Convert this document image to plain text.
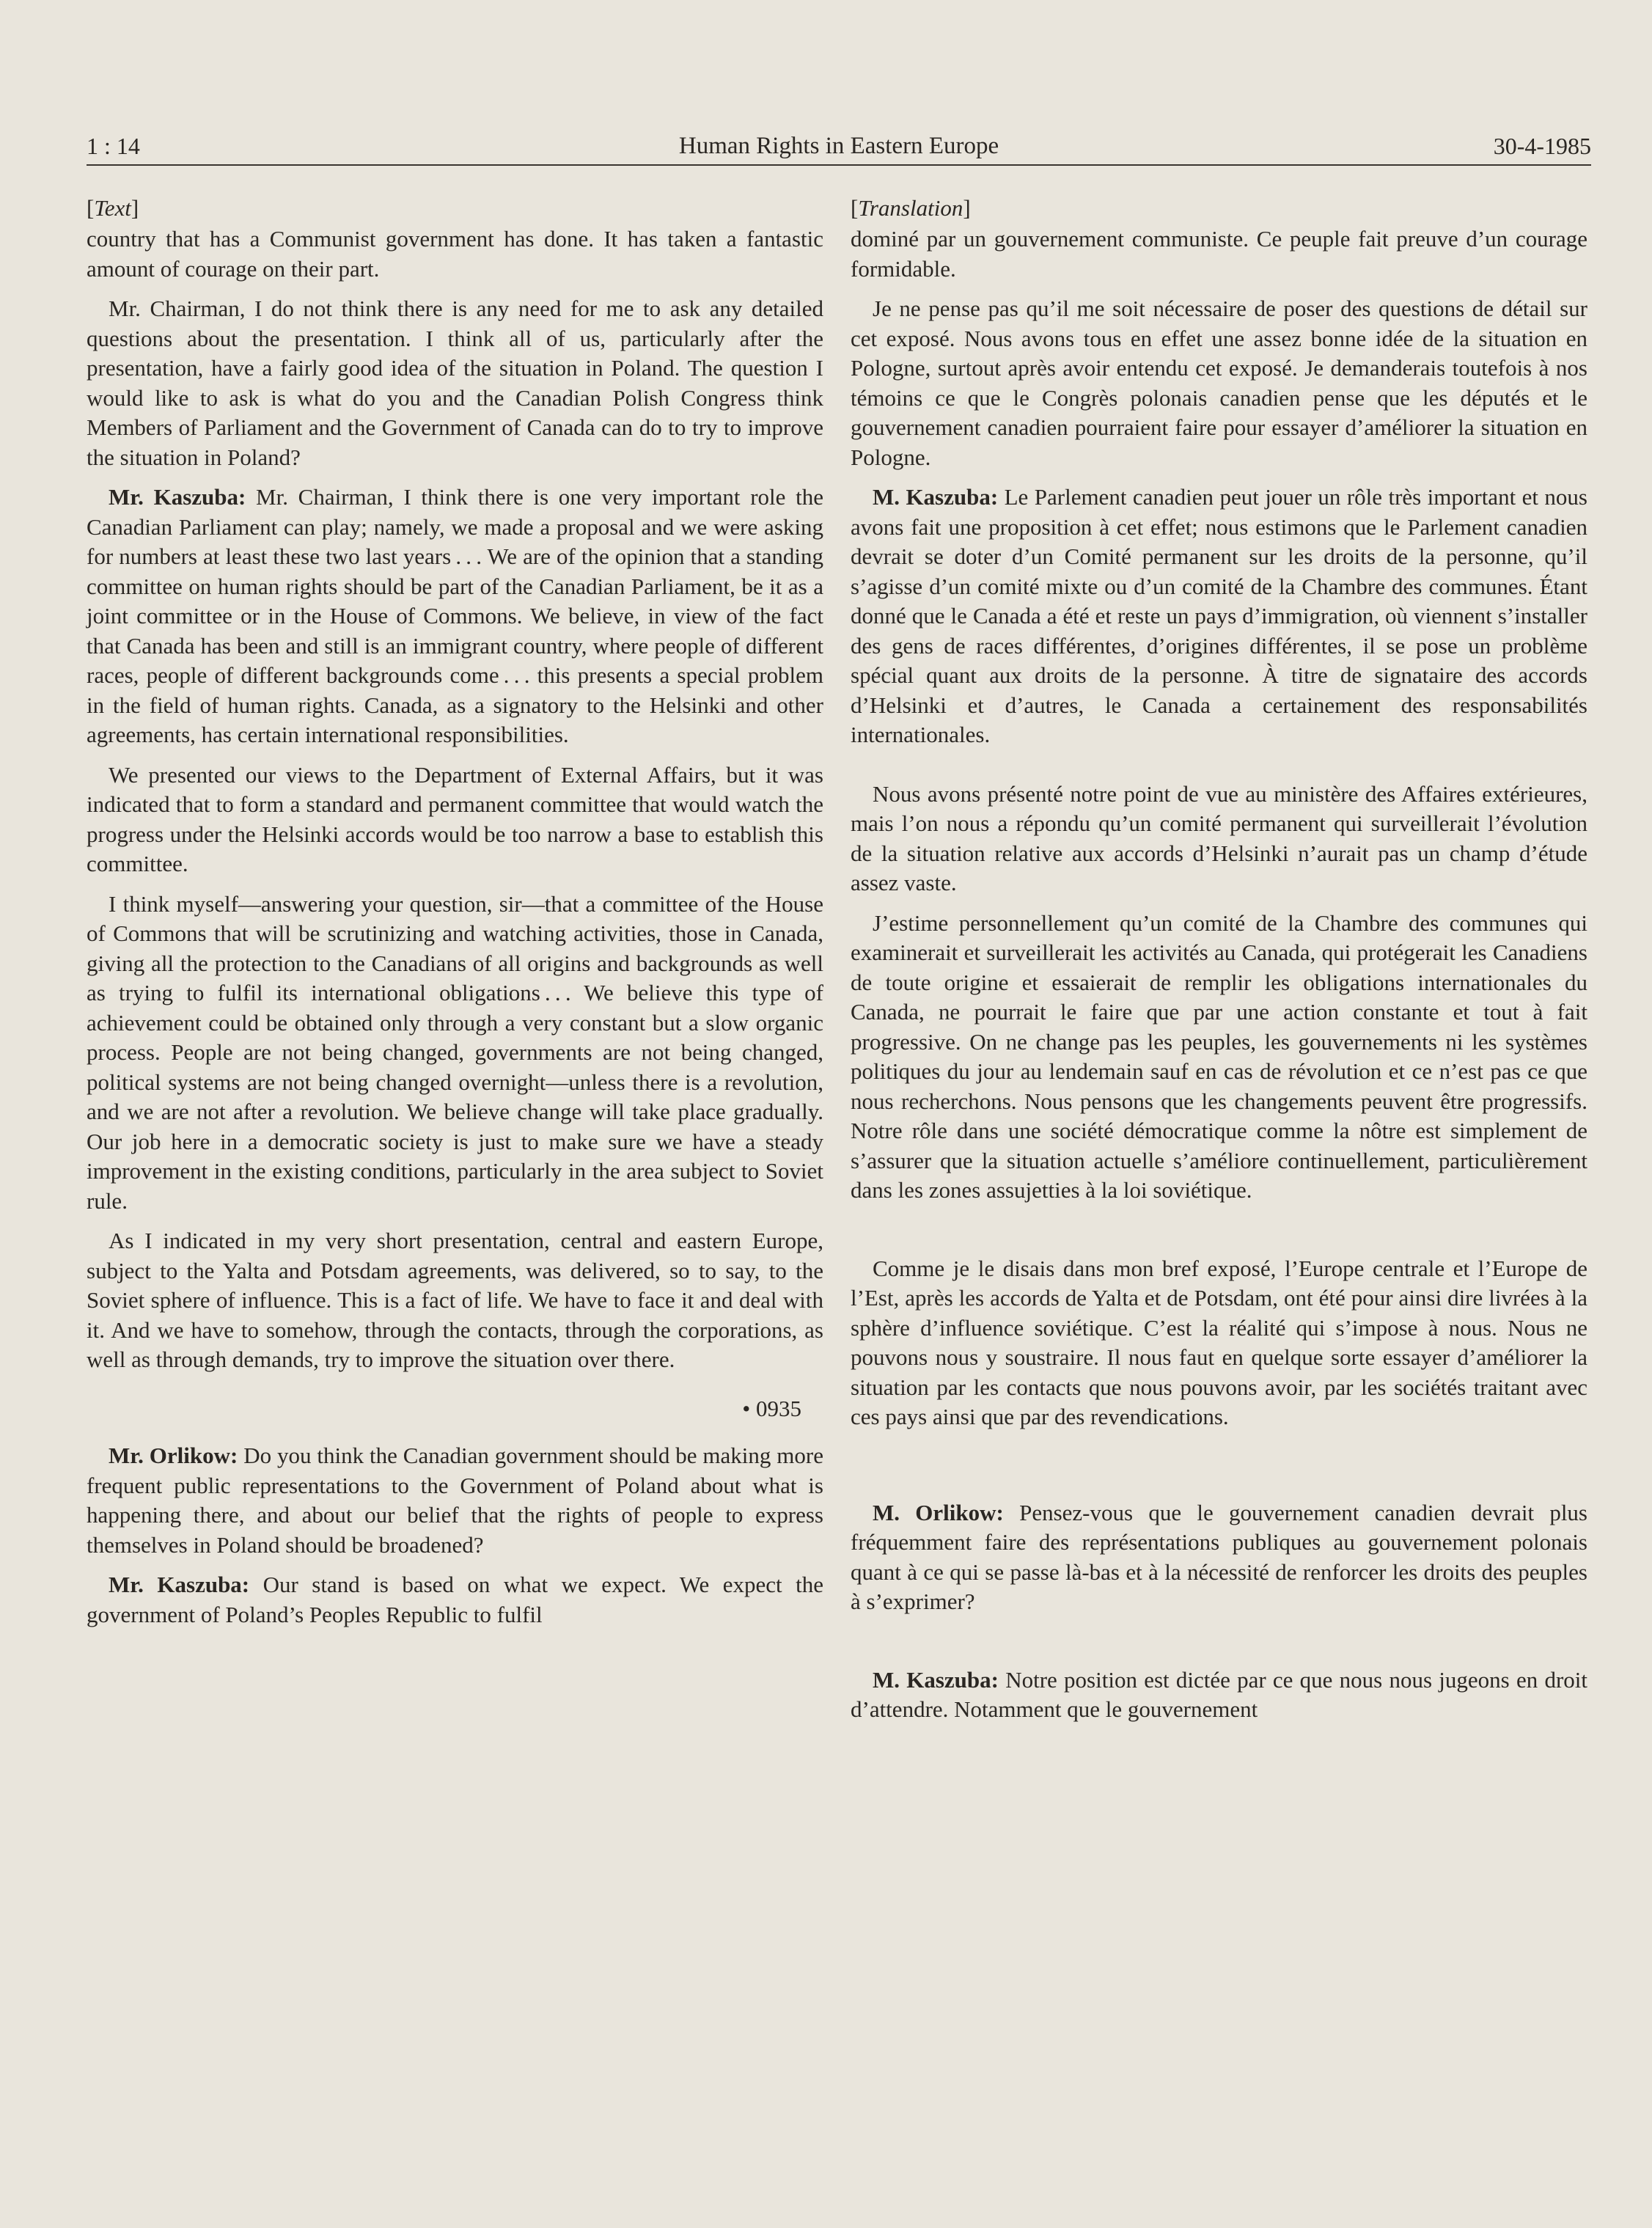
1 : 14	Human Rights in Eastern Europe	30-4-1985
[Text]

country that has a Communist government has done. It has taken a fantastic amount of courage on their part.

Mr. Chairman, I do not think there is any need for me to ask any detailed questions about the presentation. I think all of us, particularly after the presentation, have a fairly good idea of the situation in Poland. The question I would like to ask is what do you and the Canadian Polish Congress think Members of Parliament and the Government of Canada can do to try to improve the situation in Poland?

Mr. Kaszuba: Mr. Chairman, I think there is one very important role the Canadian Parliament can play; namely, we made a proposal and we were asking for numbers at least these two last years . . . We are of the opinion that a standing committee on human rights should be part of the Canadian Parliament, be it as a joint committee or in the House of Commons. We believe, in view of the fact that Canada has been and still is an immigrant country, where people of different races, people of different backgrounds come . . . this presents a special problem in the field of human rights. Canada, as a signatory to the Helsinki and other agreements, has certain international responsibilities.

We presented our views to the Department of External Affairs, but it was indicated that to form a standard and permanent committee that would watch the progress under the Helsinki accords would be too narrow a base to establish this committee.

I think myself—answering your question, sir—that a committee of the House of Commons that will be scrutinizing and watching activities, those in Canada, giving all the protection to the Canadians of all origins and backgrounds as well as trying to fulfil its international obligations . . . We believe this type of achievement could be obtained only through a very constant but a slow organic process. People are not being changed, governments are not being changed, political systems are not being changed overnight—unless there is a revolution, and we are not after a revolution. We believe change will take place gradually. Our job here in a democratic society is just to make sure we have a steady improvement in the existing conditions, particularly in the area subject to Soviet rule.

As I indicated in my very short presentation, central and eastern Europe, subject to the Yalta and Potsdam agreements, was delivered, so to say, to the Soviet sphere of influence. This is a fact of life. We have to face it and deal with it. And we have to somehow, through the contacts, through the corporations, as well as through demands, try to improve the situation over there.

• 0935

Mr. Orlikow: Do you think the Canadian government should be making more frequent public representations to the Government of Poland about what is happening there, and about our belief that the rights of people to express themselves in Poland should be broadened?

Mr. Kaszuba: Our stand is based on what we expect. We expect the government of Poland’s Peoples Republic to fulfil

[Translation]

dominé par un gouvernement communiste. Ce peuple fait preuve d’un courage formidable.

Je ne pense pas qu’il me soit nécessaire de poser des questions de détail sur cet exposé. Nous avons tous en effet une assez bonne idée de la situation en Pologne, surtout après avoir entendu cet exposé. Je demanderais toutefois à nos témoins ce que le Congrès polonais canadien pense que les députés et le gouvernement canadien pourraient faire pour essayer d’améliorer la situation en Pologne.

M. Kaszuba: Le Parlement canadien peut jouer un rôle très important et nous avons fait une proposition à cet effet; nous estimons que le Parlement canadien devrait se doter d’un Comité permanent sur les droits de la personne, qu’il s’agisse d’un comité mixte ou d’un comité de la Chambre des communes. Étant donné que le Canada a été et reste un pays d’immigration, où viennent s’installer des gens de races différentes, d’origines différentes, il se pose un problème spécial quant aux droits de la personne. À titre de signataire des accords d’Helsinki et d’autres, le Canada a certainement des responsabilités internationales.

Nous avons présenté notre point de vue au ministère des Affaires extérieures, mais l’on nous a répondu qu’un comité permanent qui surveillerait l’évolution de la situation relative aux accords d’Helsinki n’aurait pas un champ d’étude assez vaste.

J’estime personnellement qu’un comité de la Chambre des communes qui examinerait et surveillerait les activités au Canada, qui protégerait les Canadiens de toute origine et essaierait de remplir les obligations internationales du Canada, ne pourrait le faire que par une action constante et tout à fait progressive. On ne change pas les peuples, les gouvernements ni les systèmes politiques du jour au lendemain sauf en cas de révolution et ce n’est pas ce que nous recherchons. Nous pensons que les changements peuvent être progressifs. Notre rôle dans une société démocratique comme la nôtre est simplement de s’assurer que la situation actuelle s’améliore continuellement, particulièrement dans les zones assujetties à la loi soviétique.

Comme je le disais dans mon bref exposé, l’Europe centrale et l’Europe de l’Est, après les accords de Yalta et de Potsdam, ont été pour ainsi dire livrées à la sphère d’influence soviétique. C’est la réalité qui s’impose à nous. Nous ne pouvons nous y soustraire. Il nous faut en quelque sorte essayer d’améliorer la situation par les contacts que nous pouvons avoir, par les sociétés traitant avec ces pays ainsi que par des revendications.

M. Orlikow: Pensez-vous que le gouvernement canadien devrait plus fréquemment faire des représentations publiques au gouvernement polonais quant à ce qui se passe là-bas et à la nécessité de renforcer les droits des peuples à s’exprimer?

M. Kaszuba: Notre position est dictée par ce que nous nous jugeons en droit d’attendre. Notamment que le gouvernement
